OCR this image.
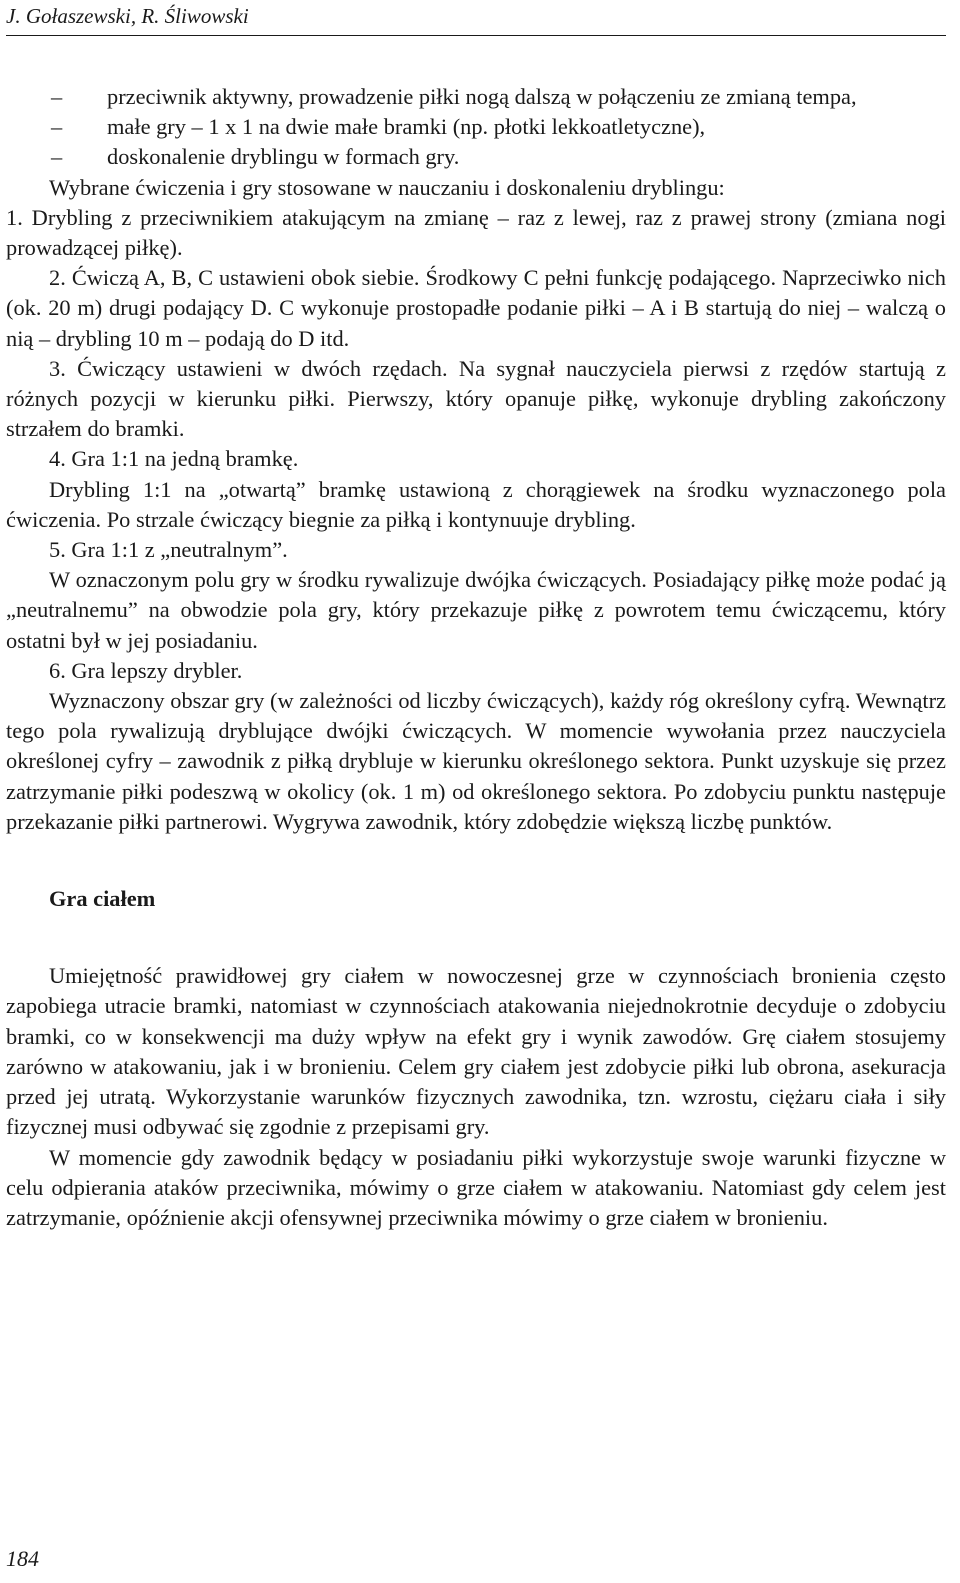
J. Gołaszewski, R. Śliwowski

– przeciwnik aktywny, prowadzenie piłki nogą dalszą w połączeniu ze zmianą tempa,

– małe gry – 1 x 1 na dwie małe bramki (np. płotki lekkoatletyczne),

– doskonalenie dryblingu w formach gry.

Wybrane ćwiczenia i gry stosowane w nauczaniu i doskonaleniu dryblingu:

1. Drybling z przeciwnikiem atakującym na zmianę – raz z lewej, raz z prawej strony (zmiana nogi prowadzącej piłkę).

2. Ćwiczą A, B, C ustawieni obok siebie. Środkowy C pełni funkcję podającego. Naprzeciwko nich (ok. 20 m) drugi podający D. C wykonuje prostopadłe podanie piłki – A i B startują do niej – walczą o nią – drybling 10 m – podają do D itd.

3. Ćwiczący ustawieni w dwóch rzędach. Na sygnał nauczyciela pierwsi z rzędów startują z różnych pozycji w kierunku piłki. Pierwszy, który opanuje piłkę, wykonuje drybling zakończony strzałem do bramki.

4. Gra 1:1 na jedną bramkę.

Drybling 1:1 na „otwartą” bramkę ustawioną z chorągiewek na środku wyznaczonego pola ćwiczenia. Po strzale ćwiczący biegnie za piłką i kontynuuje drybling.

5. Gra 1:1 z „neutralnym”.

W oznaczonym polu gry w środku rywalizuje dwójka ćwiczących. Posiadający piłkę może podać ją „neutralnemu” na obwodzie pola gry, który przekazuje piłkę z powrotem temu ćwiczącemu, który ostatni był w jej posiadaniu.

6. Gra lepszy drybler.

Wyznaczony obszar gry (w zależności od liczby ćwiczących), każdy róg określony cyfrą. Wewnątrz tego pola rywalizują dryblujące dwójki ćwiczących. W momencie wywołania przez nauczyciela określonej cyfry – zawodnik z piłką drybluje w kierunku określonego sektora. Punkt uzyskuje się przez zatrzymanie piłki podeszwą w okolicy (ok. 1 m) od określonego sektora. Po zdobyciu punktu następuje przekazanie piłki partnerowi. Wygrywa zawodnik, który zdobędzie większą liczbę punktów.

Gra ciałem

Umiejętność prawidłowej gry ciałem w nowoczesnej grze w czynnościach bronienia często zapobiega utracie bramki, natomiast w czynnościach atakowania niejednokrotnie decyduje o zdobyciu bramki, co w konsekwencji ma duży wpływ na efekt gry i wynik zawodów. Grę ciałem stosujemy zarówno w atakowaniu, jak i w bronieniu. Celem gry ciałem jest zdobycie piłki lub obrona, asekuracja przed jej utratą. Wykorzystanie warunków fizycznych zawodnika, tzn. wzrostu, ciężaru ciała i siły fizycznej musi odbywać się zgodnie z przepisami gry.

W momencie gdy zawodnik będący w posiadaniu piłki wykorzystuje swoje warunki fizyczne w celu odpierania ataków przeciwnika, mówimy o grze ciałem w atakowaniu. Natomiast gdy celem jest zatrzymanie, opóźnienie akcji ofensywnej przeciwnika mówimy o grze ciałem w bronieniu.

184
